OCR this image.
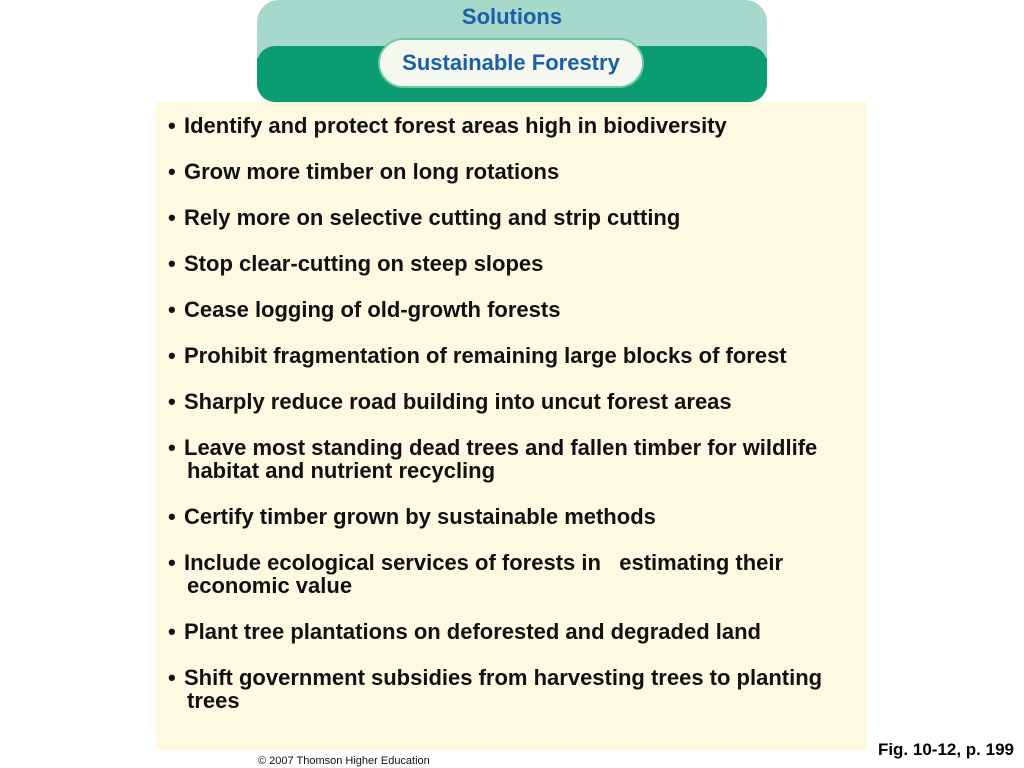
Solutions
Sustainable Forestry
• Identify and protect forest areas high in biodiversity
• Grow more timber on long rotations
• Rely more on selective cutting and strip cutting
• Stop clear-cutting on steep slopes
• Cease logging of old-growth forests
• Prohibit fragmentation of remaining large blocks of forest
• Sharply reduce road building into uncut forest areas
• Leave most standing dead trees and fallen timber for wildlife habitat and nutrient recycling
• Certify timber grown by sustainable methods
• Include ecological services of forests in   estimating their economic value
• Plant tree plantations on deforested and degraded land
• Shift government subsidies from harvesting trees to planting trees
Fig. 10-12, p. 199
© 2007 Thomson Higher Education
